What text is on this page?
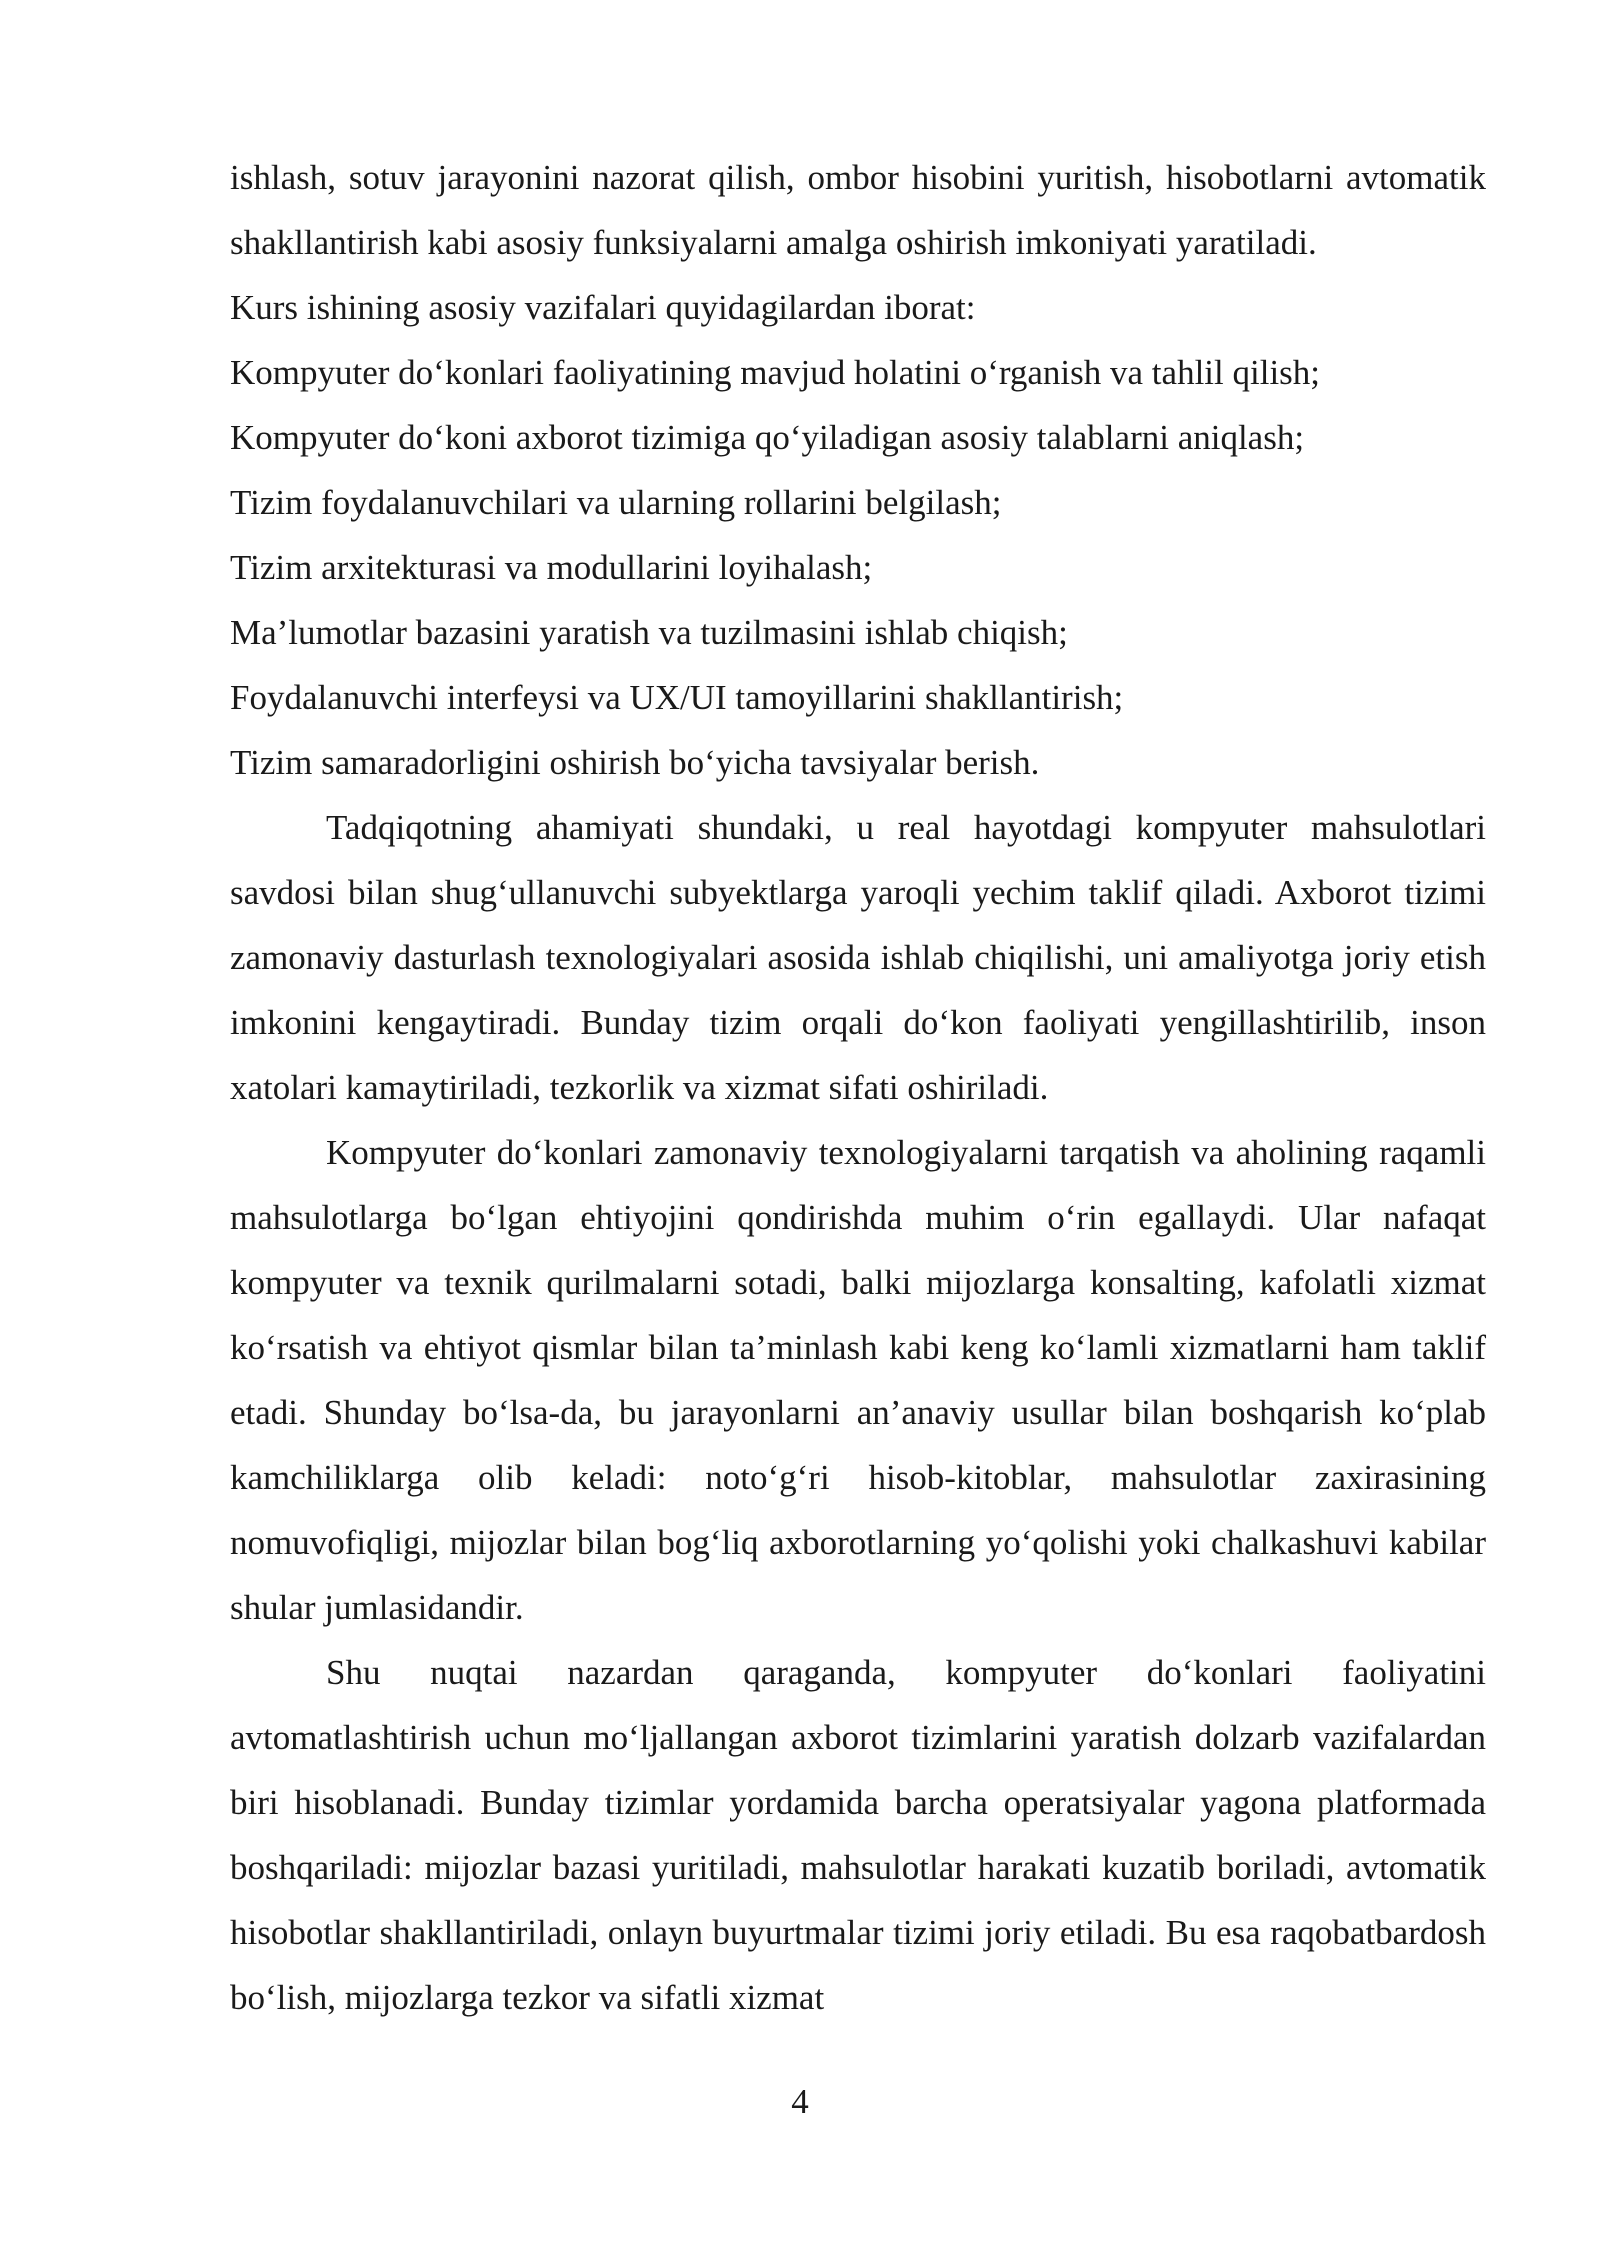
ishlash, sotuv jarayonini nazorat qilish, ombor hisobini yuritish, hisobotlarni avtomatik shakllantirish kabi asosiy funksiyalarni amalga oshirish imkoniyati yaratiladi.

Kurs ishining asosiy vazifalari quyidagilardan iborat:

Kompyuter do‘konlari faoliyatining mavjud holatini o‘rganish va tahlil qilish;

Kompyuter do‘koni axborot tizimiga qo‘yiladigan asosiy talablarni aniqlash;

Tizim foydalanuvchilari va ularning rollarini belgilash;

Tizim arxitekturasi va modullarini loyihalash;

Ma’lumotlar bazasini yaratish va tuzilmasini ishlab chiqish;

Foydalanuvchi interfeysi va UX/UI tamoyillarini shakllantirish;

Tizim samaradorligini oshirish bo‘yicha tavsiyalar berish.

Tadqiqotning ahamiyati shundaki, u real hayotdagi kompyuter mahsulotlari savdosi bilan shug‘ullanuvchi subyektlarga yaroqli yechim taklif qiladi. Axborot tizimi zamonaviy dasturlash texnologiyalari asosida ishlab chiqilishi, uni amaliyotga joriy etish imkonini kengaytiradi. Bunday tizim orqali do‘kon faoliyati yengillashtirilib, inson xatolari kamaytiriladi, tezkorlik va xizmat sifati oshiriladi.

Kompyuter do‘konlari zamonaviy texnologiyalarni tarqatish va aholining raqamli mahsulotlarga bo‘lgan ehtiyojini qondirishda muhim o‘rin egallaydi. Ular nafaqat kompyuter va texnik qurilmalarni sotadi, balki mijozlarga konsalting, kafolatli xizmat ko‘rsatish va ehtiyot qismlar bilan ta’minlash kabi keng ko‘lamli xizmatlarni ham taklif etadi. Shunday bo‘lsa-da, bu jarayonlarni an’anaviy usullar bilan boshqarish ko‘plab kamchiliklarga olib keladi: noto‘g‘ri hisob-kitoblar, mahsulotlar zaxirasining nomuvofiqligi, mijozlar bilan bog‘liq axborotlarning yo‘qolishi yoki chalkashuvi kabilar shular jumlasidandir.

Shu nuqtai nazardan qaraganda, kompyuter do‘konlari faoliyatini avtomatlashtirish uchun mo‘ljallangan axborot tizimlarini yaratish dolzarb vazifalardan biri hisoblanadi. Bunday tizimlar yordamida barcha operatsiyalar yagona platformada boshqariladi: mijozlar bazasi yuritiladi, mahsulotlar harakati kuzatib boriladi, avtomatik hisobotlar shakllantiriladi, onlayn buyurtmalar tizimi joriy etiladi. Bu esa raqobatbardosh bo‘lish, mijozlarga tezkor va sifatli xizmat

4
